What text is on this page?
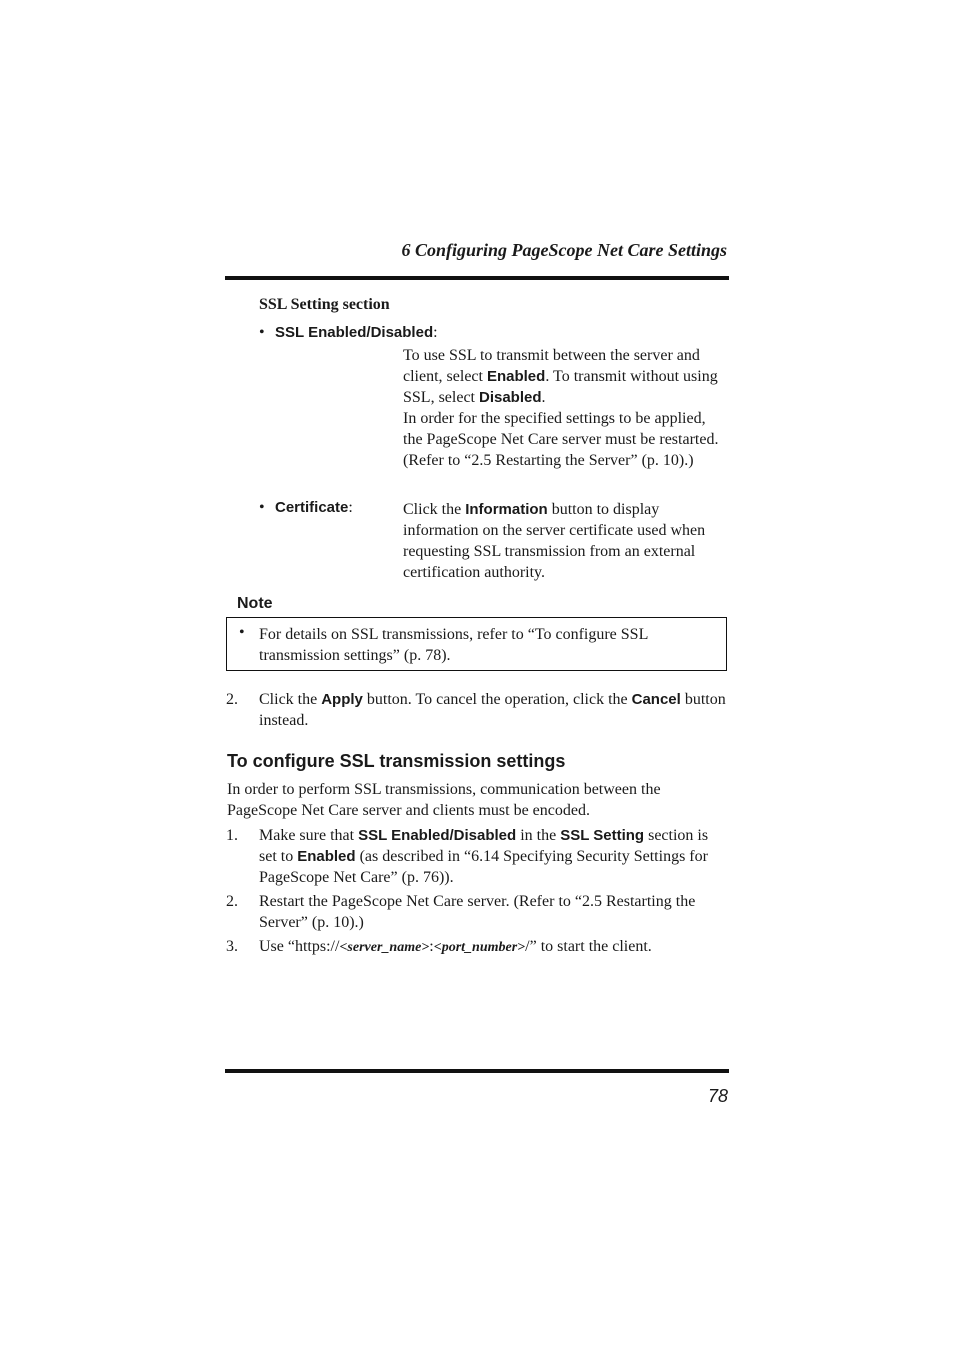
6 Configuring PageScope Net Care Settings
SSL Setting section
• SSL Enabled/Disabled:
To use SSL to transmit between the server and client, select Enabled. To transmit without using SSL, select Disabled.
In order for the specified settings to be applied, the PageScope Net Care server must be restarted. (Refer to “2.5 Restarting the Server” (p. 10).)
• Certificate:	Click the Information button to display information on the server certificate used when requesting SSL transmission from an external certification authority.
Note
• For details on SSL transmissions, refer to “To configure SSL transmission settings” (p. 78).
2. Click the Apply button. To cancel the operation, click the Cancel button instead.
To configure SSL transmission settings
In order to perform SSL transmissions, communication between the PageScope Net Care server and clients must be encoded.
1. Make sure that SSL Enabled/Disabled in the SSL Setting section is set to Enabled (as described in “6.14 Specifying Security Settings for PageScope Net Care” (p. 76)).
2. Restart the PageScope Net Care server. (Refer to “2.5 Restarting the Server” (p. 10).)
3. Use “https://<server_name>:<port_number>/” to start the client.
78
